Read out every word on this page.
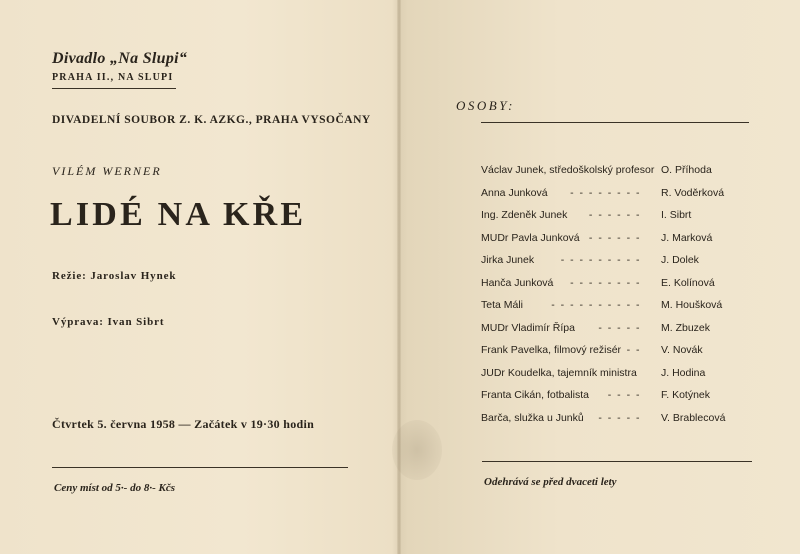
Divadlo „Na Slupi“
PRAHA II., NA SLUPI
DIVADELNÍ SOUBOR Z. K. AZKG., PRAHA VYSOČANY
VILÉM WERNER
LIDÉ NA KŘE
Režie: Jaroslav Hynek
Výprava: Ivan Sibrt
Čtvrtek 5. června 1958 — Začátek v 19·30 hodin
Ceny míst od 5·- do 8·- Kčs
OSOBY:
Václav Junek, středoškolský profesor O. Příhoda
Anna Junková - - - - - - - - R. Voděrková
Ing. Zdeněk Junek - - - - - - I. Sibrt
MUDr Pavla Junková - - - - - - J. Marková
Jirka Junek	- - - - - - - - - J. Dolek
Hanča Junková - - - - - - - - E. Kolínová
Teta Máli	- - - - - - - - - - M. Houšková
MUDr Vladimír Řípa - - - - - M. Zbuzek
Frank Pavelka, filmový režisér - - V. Novák
JUDr Koudelka, tajemník ministra J. Hodina
Franta Cikán, fotbalista - - - - F. Kotýnek
Barča, služka u Junků - - - - - V. Brablecová
Odehrává se před dvaceti lety
